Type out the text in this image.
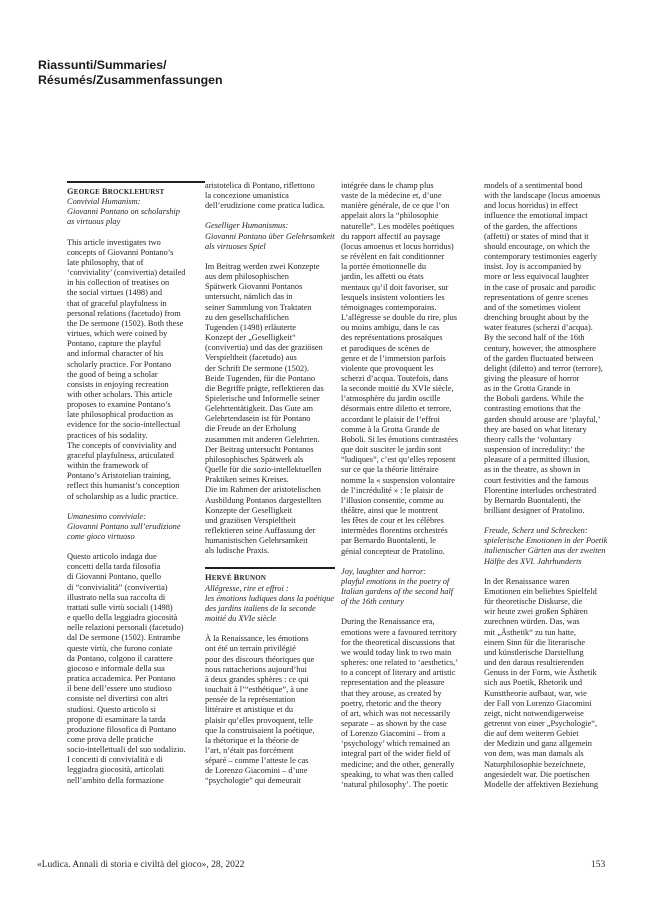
Riassunti/Summaries/
Résumés/Zusammenfassungen
GEORGE BROCKLEHURST
Convivial Humanism:
Giovanni Pontano on scholarship
as virtuous play
This article investigates two
concepts of Giovanni Pontano’s
late philosophy, that of
‘conviviality’ (convivertia) detailed
in his collection of treatises on
the social virtues (1498) and
that of graceful playfulness in
personal relations (facetudo) from
the De sermone (1502). Both these
virtues, which were coined by
Pontano, capture the playful
and informal character of his
scholarly practice. For Pontano
the good of being a scholar
consists in enjoying recreation
with other scholars. This article
proposes to examine Pontano’s
late philosophical production as
evidence for the socio-intellectual
practices of his sodality.
The concepts of conviviality and
graceful playfulness, articulated
within the framework of
Pontano’s Aristotelian training,
reflect this humanist’s conception
of scholarship as a ludic practice.
Umanesimo conviviale:
Giovanni Pontano sull’erudizione
come gioco virtuoso
Questo articolo indaga due
concetti della tarda filosofia
di Giovanni Pontano, quello
di “convivialità” (convivertia)
illustrato nella sua raccolta di
trattati sulle virtù sociali (1498)
e quello della leggiadra giocosità
nelle relazioni personali (facetudo)
dal De sermone (1502). Entrambe
queste virtù, che furono coniate
da Pontano, colgono il carattere
giocoso e informale della sua
pratica accademica. Per Pontano
il bene dell’essere uno studioso
consiste nel divertirsi con altri
studiosi. Questo articolo si
propone di esaminare la tarda
produzione filosofica di Pontano
come prova delle pratiche
socio-intellettuali del suo sodalizio.
I concetti di convivialità e di
leggiadra giocosità, articolati
nell’ambito della formazione
aristotelica di Pontano, riflettono
la concezione umanistica
dell’erudizione come pratica ludica.
Geselliger Humanismus:
Giovanni Pontano über Gelehrsamkeit
als virtuoses Spiel
Im Beitrag werden zwei Konzepte
aus dem philosophischen
Spätwerk Giovanni Pontanos
untersucht, nämlich das in
seiner Sammlung von Traktaten
zu den gesellschaftlichen
Tugenden (1498) erläuterte
Konzept der „Geselligkeit“
(convivertia) und das der graziösen
Verspieltheit (facetudo) aus
der Schrift De sermone (1502).
Beide Tugenden, für die Pontano
die Begriffe prägte, reflektieren das
Spielerische und Informelle seiner
Gelehrtentätigkeit. Das Gute am
Gelehrtendasein ist für Pontano
die Freude an der Erholung
zusammen mit anderen Gelehrten.
Der Beitrag untersucht Pontanos
philosophisches Spätwerk als
Quelle für die sozio-intellektuellen
Praktiken seines Kreises.
Die im Rahmen der aristotelischen
Ausbildung Pontanos dargestellten
Konzepte der Geselligkeit
und graziösen Verspieltheit
reflektieren seine Auffassung der
humanistischen Gelehrsamkeit
als ludische Praxis.
HERVÉ BRUNON
Allégresse, rire et effroi :
les émotions ludiques dans la poétique
des jardins italiens de la seconde
moitié du XVIe siècle
À la Renaissance, les émotions
ont été un terrain privilégié
pour des discours théoriques que
nous rattacherions aujourd’hui
à deux grandes sphères : ce qui
touchait à l’“esthétique”, à une
pensée de la représentation
littéraire et artistique et du
plaisir qu’elles provoquent, telle
que la construisaient la poétique,
la rhétorique et la théorie de
l’art, n’était pas forcément
séparé – comme l’atteste le cas
de Lorenzo Giacomini – d’une
“psychologie” qui demeurait
intégrée dans le champ plus
vaste de la médecine et, d’une
manière générale, de ce que l’on
appelait alors la “philosophie
naturelle”. Les modèles poétiques
du rapport affectif au paysage
(locus amoenus et locus horridus)
se révèlent en fait conditionner
la portée émotionnelle du
jardin, les affetti ou états
mentaux qu’il doit favoriser, sur
lesquels insistent volontiers les
témoignages contemporains.
L’allégresse se double du rire, plus
ou moins ambigu, dans le cas
des représentations prosaïques
et parodiques de scènes de
genre et de l’immersion parfois
violente que provoquent les
scherzi d’acqua. Toutefois, dans
la seconde moitié du XVIe siècle,
l’atmosphère du jardin oscille
désormais entre diletto et terrore,
accordant le plaisir de l’effroi
comme à la Grotta Grande de
Boboli. Si les émotions contrastées
que doit susciter le jardin sont
“ludiques”, c’est qu’elles reposent
sur ce que la théorie littéraire
nomme la « suspension volontaire
de l’incrédulité » : le plaisir de
l’illusion consentie, comme au
théâtre, ainsi que le montrent
les fêtes de cour et les célèbres
intermèdes florentins orchestrés
par Bernardo Buontalenti, le
génial concepteur de Pratolino.
Joy, laughter and horror:
playful emotions in the poetry of
Italian gardens of the second half
of the 16th century
During the Renaissance era,
emotions were a favoured territory
for the theoretical discussions that
we would today link to two main
spheres: one related to ‘aesthetics,’
to a concept of literary and artistic
representation and the pleasure
that they arouse, as created by
poetry, rhetoric and the theory
of art, which was not necessarily
separate – as shown by the case
of Lorenzo Giacomini – from a
‘psychology’ which remained an
integral part of the wider field of
medicine; and the other, generally
speaking, to what was then called
‘natural philosophy’. The poetic
models of a sentimental bond
with the landscape (locus amoenus
and locus horridus) in effect
influence the emotional impact
of the garden, the affections
(affetti) or states of mind that it
should encourage, on which the
contemporary testimonies eagerly
insist. Joy is accompanied by
more or less equivocal laughter
in the case of prosaic and parodic
representations of genre scenes
and of the sometimes violent
drenching brought about by the
water features (scherzi d’acqua).
By the second half of the 16th
century, however, the atmosphere
of the garden fluctuated between
delight (diletto) and terror (terrore),
giving the pleasure of horror
as in the Grotta Grande in
the Boboli gardens. While the
contrasting emotions that the
garden should arouse are ‘playful,’
they are based on what literary
theory calls the ‘voluntary
suspension of incredulity:’ the
pleasure of a permitted illusion,
as in the theatre, as shown in
court festivities and the famous
Florentine interludes orchestrated
by Bernardo Buontalenti, the
brilliant designer of Pratolino.
Freude, Scherz und Schrecken:
spielerische Emotionen in der Poetik
italienischer Gärten aus der zweiten
Hälfte des XVI. Jahrhunderts
In der Renaissance waren
Emotionen ein beliebtes Spielfeld
für theoretische Diskurse, die
wir heute zwei großen Sphären
zurechnen würden. Das, was
mit „Ästhetik“ zu tun hatte,
einem Sinn für die literarische
und künstlerische Darstellung
und den daraus resultierenden
Genuss in der Form, wie Ästhetik
sich aus Poetik, Rhetorik und
Kunsttheorie aufbaut, war, wie
der Fall von Lorenzo Giacomini
zeigt, nicht notwendigerweise
getrennt von einer „Psychologie“,
die auf dem weiteren Gebiet
der Medizin und ganz allgemein
von dem, was man damals als
Naturphilosophie bezeichnete,
angesiedelt war. Die poetischen
Modelle der affektiven Beziehung
«Ludica. Annali di storia e civiltà del gioco», 28, 2022	153
